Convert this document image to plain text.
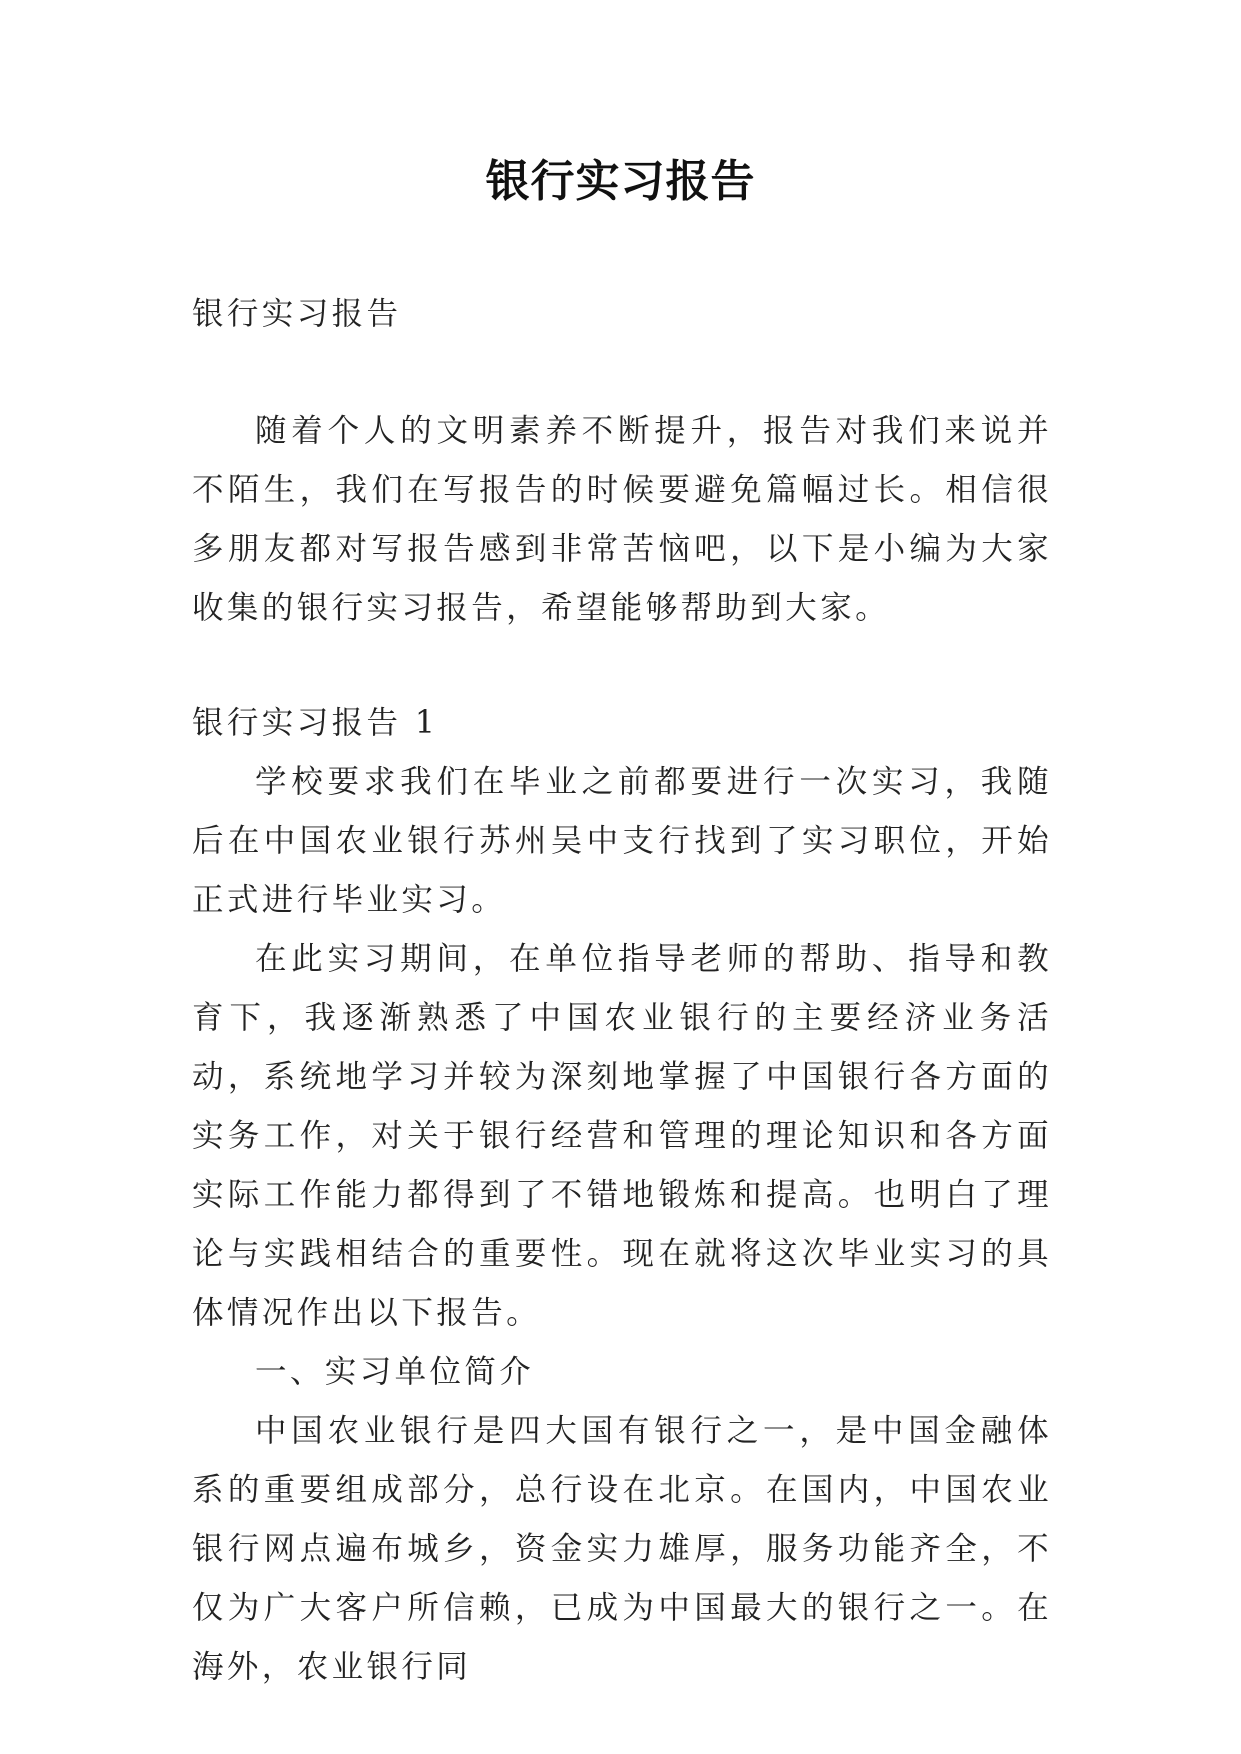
银行实习报告

银行实习报告

随着个人的文明素养不断提升，报告对我们来说并不陌生，我们在写报告的时候要避免篇幅过长。相信很多朋友都对写报告感到非常苦恼吧，以下是小编为大家收集的银行实习报告，希望能够帮助到大家。

银行实习报告 1

学校要求我们在毕业之前都要进行一次实习，我随后在中国农业银行苏州吴中支行找到了实习职位，开始正式进行毕业实习。

在此实习期间，在单位指导老师的帮助、指导和教育下，我逐渐熟悉了中国农业银行的主要经济业务活动，系统地学习并较为深刻地掌握了中国银行各方面的实务工作，对关于银行经营和管理的理论知识和各方面实际工作能力都得到了不错地锻炼和提高。也明白了理论与实践相结合的重要性。现在就将这次毕业实习的具体情况作出以下报告。

一、实习单位简介

中国农业银行是四大国有银行之一，是中国金融体系的重要组成部分，总行设在北京。在国内，中国农业银行网点遍布城乡，资金实力雄厚，服务功能齐全，不仅为广大客户所信赖，已成为中国最大的银行之一。在海外，农业银行同
